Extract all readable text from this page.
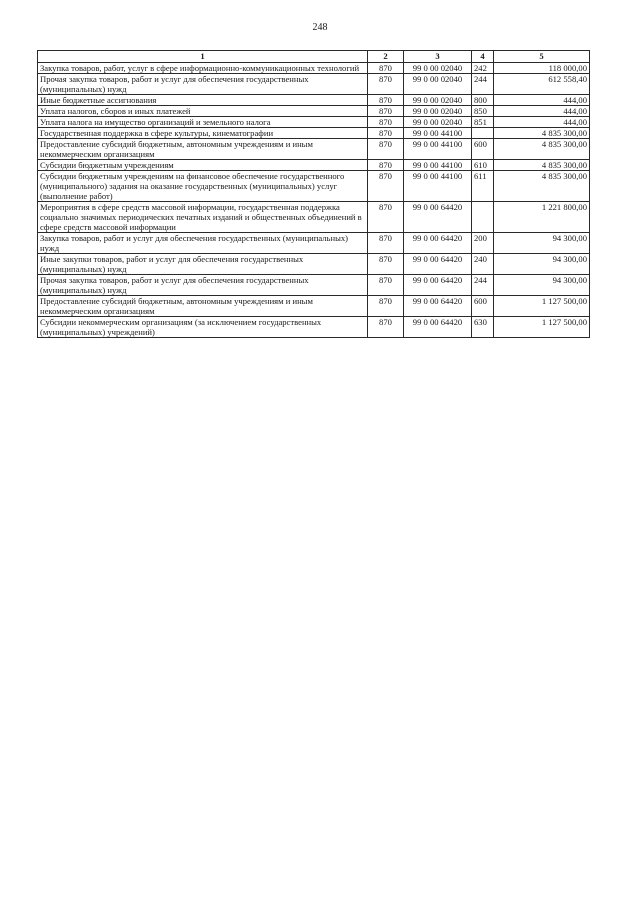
248
1	2	3	4	5
Закупка товаров, работ, услуг в сфере информационно-коммуникационных технологий	870	99 0 00 02040	242	118 000,00
Прочая закупка товаров, работ и услуг для обеспечения государственных (муниципальных) нужд	870	99 0 00 02040	244	612 558,40
Иные бюджетные ассигнования	870	99 0 00 02040	800	444,00
Уплата налогов, сборов и иных платежей	870	99 0 00 02040	850	444,00
Уплата налога на имущество организаций и земельного налога	870	99 0 00 02040	851	444,00
Государственная поддержка в сфере культуры, кинематографии	870	99 0 00 44100		4 835 300,00
Предоставление субсидий бюджетным, автономным учреждениям и иным некоммерческим организациям	870	99 0 00 44100	600	4 835 300,00
Субсидии бюджетным учреждениям	870	99 0 00 44100	610	4 835 300,00
Субсидии бюджетным учреждениям на финансовое обеспечение государственного (муниципального) задания на оказание государственных (муниципальных) услуг (выполнение работ)	870	99 0 00 44100	611	4 835 300,00
Мероприятия в сфере средств массовой информации, государственная поддержка социально значимых периодических печатных изданий и общественных объединений в сфере средств массовой информации	870	99 0 00 64420		1 221 800,00
Закупка товаров, работ и услуг для обеспечения государственных (муниципальных) нужд	870	99 0 00 64420	200	94 300,00
Иные закупки товаров, работ и услуг для обеспечения государственных (муниципальных) нужд	870	99 0 00 64420	240	94 300,00
Прочая закупка товаров, работ и услуг для обеспечения государственных (муниципальных) нужд	870	99 0 00 64420	244	94 300,00
Предоставление субсидий бюджетным, автономным учреждениям и иным некоммерческим организациям	870	99 0 00 64420	600	1 127 500,00
Субсидии некоммерческим организациям (за исключением государственных (муниципальных) учреждений)	870	99 0 00 64420	630	1 127 500,00
